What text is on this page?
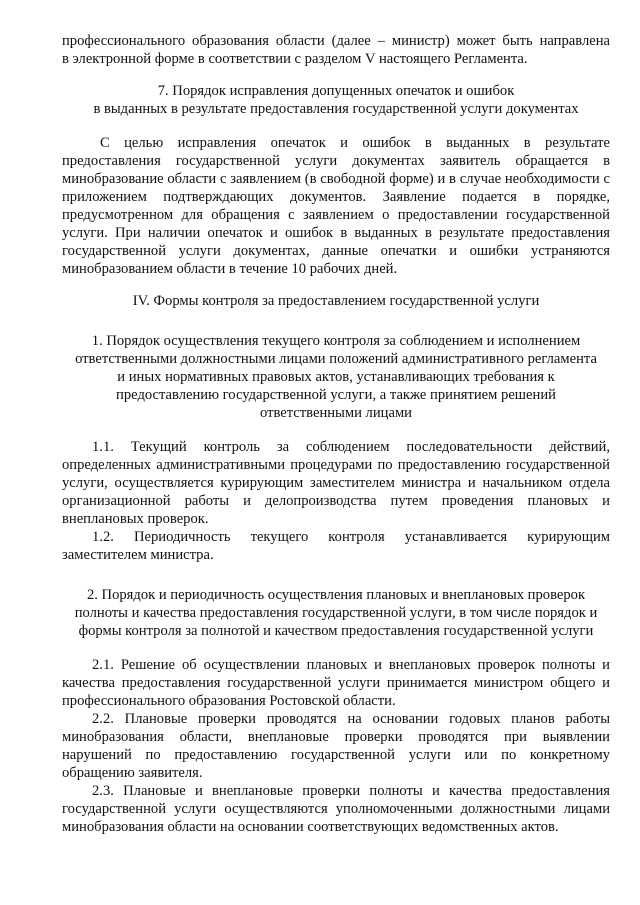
профессионального образования области (далее – министр) может быть направлена

в электронной форме в соответствии с разделом V настоящего Регламента.

7. Порядок исправления допущенных опечаток и ошибок

в выданных в результате предоставления государственной услуги документах

С целью исправления опечаток и ошибок в выданных в результате предоставления государственной услуги документах заявитель обращается в минобразование области с заявлением (в свободной форме) и в случае необходимости с приложением подтверждающих документов. Заявление подается в порядке, предусмотренном для обращения с заявлением о предоставлении государственной услуги. При наличии опечаток и ошибок в выданных в результате предоставления государственной услуги документах, данные опечатки и ошибки устраняются минобразованием области в течение 10 рабочих дней.

IV. Формы контроля за предоставлением государственной услуги

1. Порядок осуществления текущего контроля за соблюдением и исполнением

ответственными должностными лицами положений административного регламента

и иных нормативных правовых актов, устанавливающих требования к

предоставлению государственной услуги, а также принятием решений

ответственными лицами

1.1. Текущий контроль за соблюдением последовательности действий, определенных административными процедурами по предоставлению государственной услуги, осуществляется курирующим заместителем министра и начальником отдела организационной работы и делопроизводства путем проведения плановых и внеплановых проверок.

1.2. Периодичность текущего контроля устанавливается курирующим заместителем министра.

2. Порядок и периодичность осуществления плановых и внеплановых проверок

полноты и качества предоставления государственной услуги, в том числе порядок и

формы контроля за полнотой и качеством предоставления государственной услуги

2.1. Решение об осуществлении плановых и внеплановых проверок полноты и качества предоставления государственной услуги принимается министром общего и профессионального образования Ростовской области.

2.2. Плановые проверки проводятся на основании годовых планов работы минобразования области, внеплановые проверки проводятся при выявлении нарушений по предоставлению государственной услуги или по конкретному обращению заявителя.

2.3. Плановые и внеплановые проверки полноты и качества предоставления государственной услуги осуществляются уполномоченными должностными лицами минобразования области на основании соответствующих ведомственных актов.
